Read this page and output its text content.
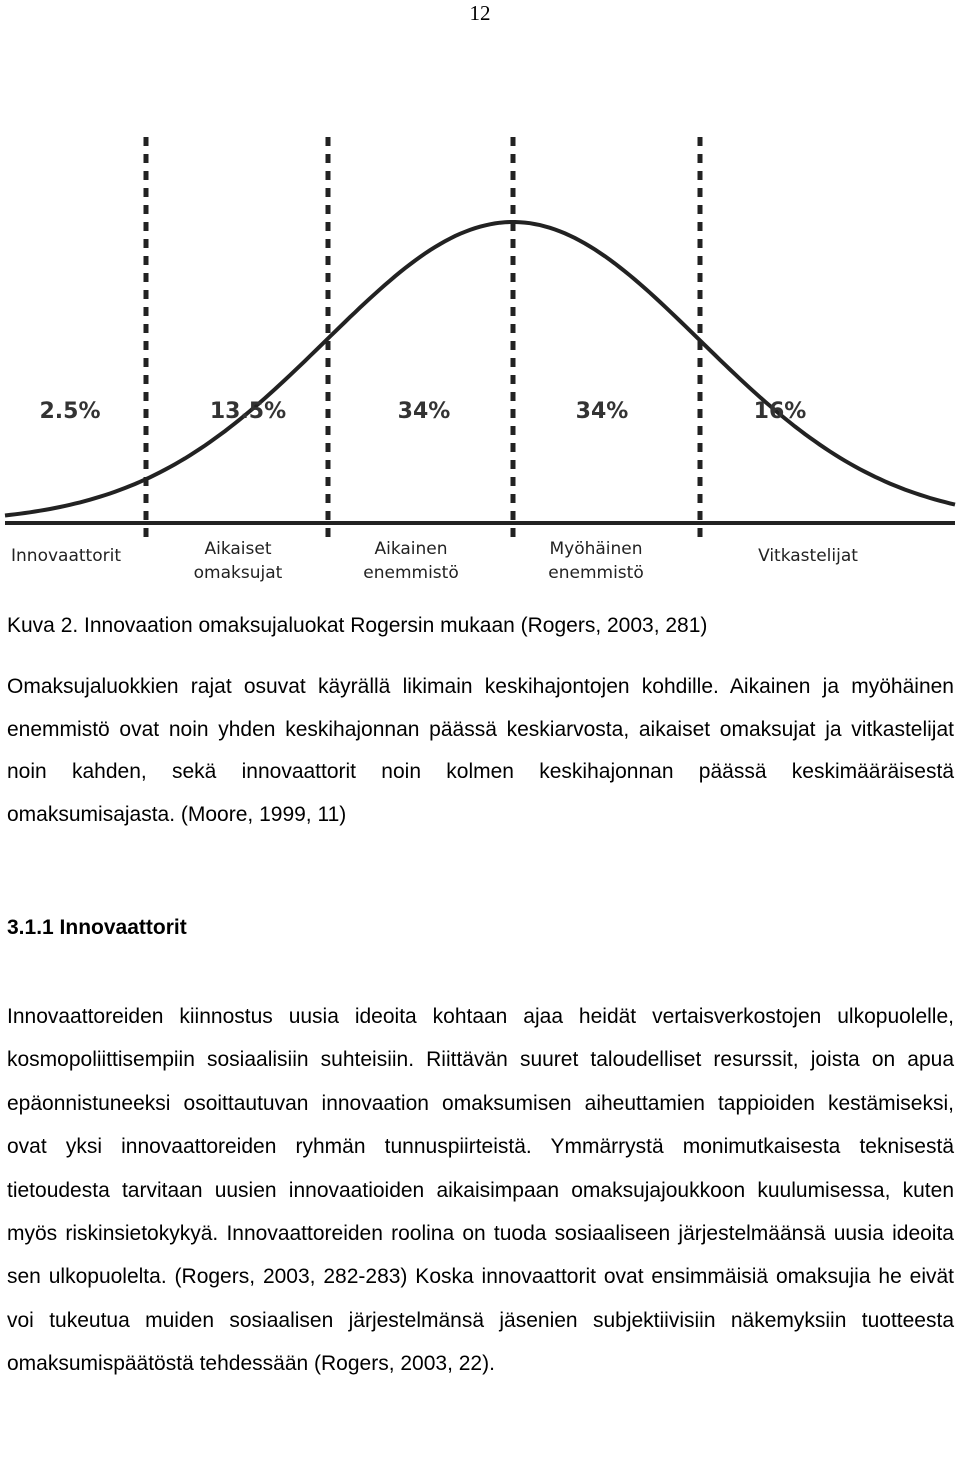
12
2.5%	13.5%	34%	34%	16%
Innovaattorit	Aikaiset
omaksujat
Aikainen
enemmistö
Myöhäinen
enemmistö
Vitkastelijat

Kuva 2. Innovaation omaksujaluokat Rogersin mukaan (Rogers, 2003, 281)

Omaksujaluokkien rajat osuvat käyrällä likimain keskihajontojen kohdille. Aikainen ja myöhäinen enemmistö ovat noin yhden keskihajonnan päässä keskiarvosta, aikaiset omaksujat ja vitkastelijat noin kahden, sekä innovaattorit noin kolmen keskihajonnan päässä keskimääräisestä omaksumisajasta. (Moore, 1999, 11)

3.1.1 Innovaattorit

Innovaattoreiden kiinnostus uusia ideoita kohtaan ajaa heidät vertaisverkostojen ulkopuolelle, kosmopoliittisempiin sosiaalisiin suhteisiin. Riittävän suuret taloudelliset resurssit, joista on apua epäonnistuneeksi osoittautuvan innovaation omaksumisen aiheuttamien tappioiden kestämiseksi, ovat yksi innovaattoreiden ryhmän tunnuspiirteistä. Ymmärrystä monimutkaisesta teknisestä tietoudesta tarvitaan uusien innovaatioiden aikaisimpaan omaksujajoukkoon kuulumisessa, kuten myös riskinsietokykyä. Innovaattoreiden roolina on tuoda sosiaaliseen järjestelmäänsä uusia ideoita sen ulkopuolelta. (Rogers, 2003, 282-283) Koska innovaattorit ovat ensimmäisiä omaksujia he eivät voi tukeutua muiden sosiaalisen järjestelmänsä jäsenien subjektiivisiin näkemyksiin tuotteesta omaksumispäätöstä tehdessään (Rogers, 2003, 22).
